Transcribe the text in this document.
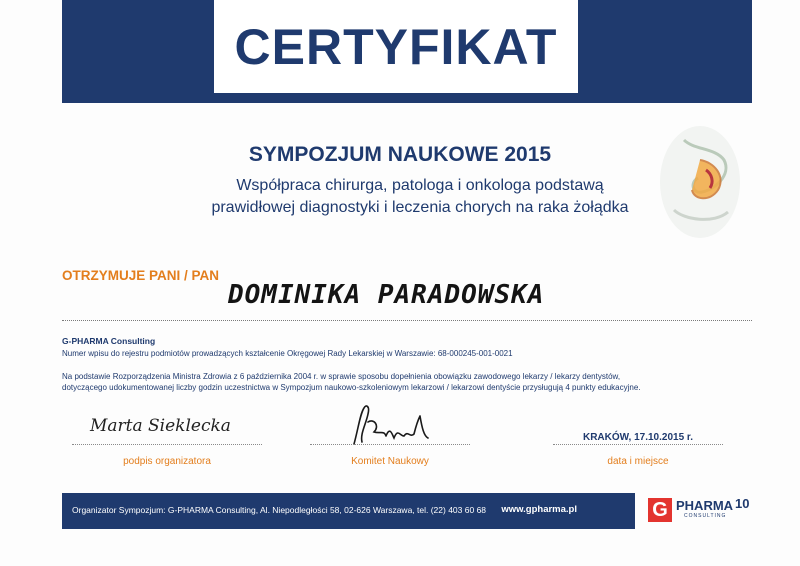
CERTYFIKAT
SYMPOZJUM NAUKOWE 2015
Współpraca chirurga, patologa i onkologa podstawą
prawidłowej diagnostyki i leczenia chorych na raka żołądka
OTRZYMUJE PANI / PAN
DOMINIKA PARADOWSKA
G-PHARMA Consulting
Numer wpisu do rejestru podmiotów prowadzących kształcenie Okręgowej Rady Lekarskiej w Warszawie: 68-000245-001-0021
Na podstawie Rozporządzenia Ministra Zdrowia z 6 października 2004 r. w sprawie sposobu dopełnienia obowiązku zawodowego lekarzy / lekarzy dentystów,
dotyczącego udokumentowanej liczby godzin uczestnictwa w Sympozjum naukowo-szkoleniowym lekarzowi / lekarzowi dentyście przysługują 4 punkty edukacyjne.
Marta Sieklecka
podpis organizatora	Komitet Naukowy
KRAKÓW, 17.10.2015 r.
data i miejsce
Organizator Sympozjum: G-PHARMA Consulting, Al. Niepodległości 58, 02-626 Warszawa, tel. (22) 403 60 68 www.gpharma.pl	G PHARMA
CONSULTING
10
